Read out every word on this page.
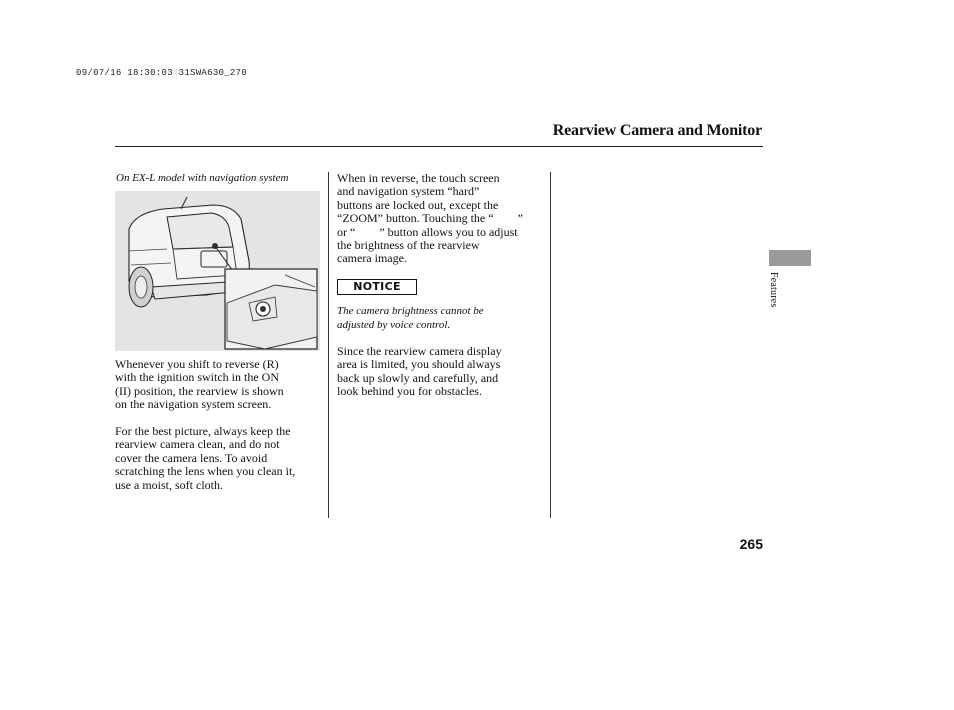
09/07/16 18:30:03 31SWA630_270
Rearview Camera and Monitor
On EX-L model with navigation system
Whenever you shift to reverse (R)
with the ignition switch in the ON
(II) position, the rearview is shown
on the navigation system screen.
For the best picture, always keep the
rearview camera clean, and do not
cover the camera lens. To avoid
scratching the lens when you clean it,
use a moist, soft cloth.
When in reverse, the touch screen
and navigation system “hard”
buttons are locked out, except the
“ZOOM” button. Touching the “  ”
or “  ” button allows you to adjust
the brightness of the rearview
camera image.
NOTICE
The camera brightness cannot be
adjusted by voice control.
Since the rearview camera display
area is limited, you should always
back up slowly and carefully, and
look behind you for obstacles.
Features
265
